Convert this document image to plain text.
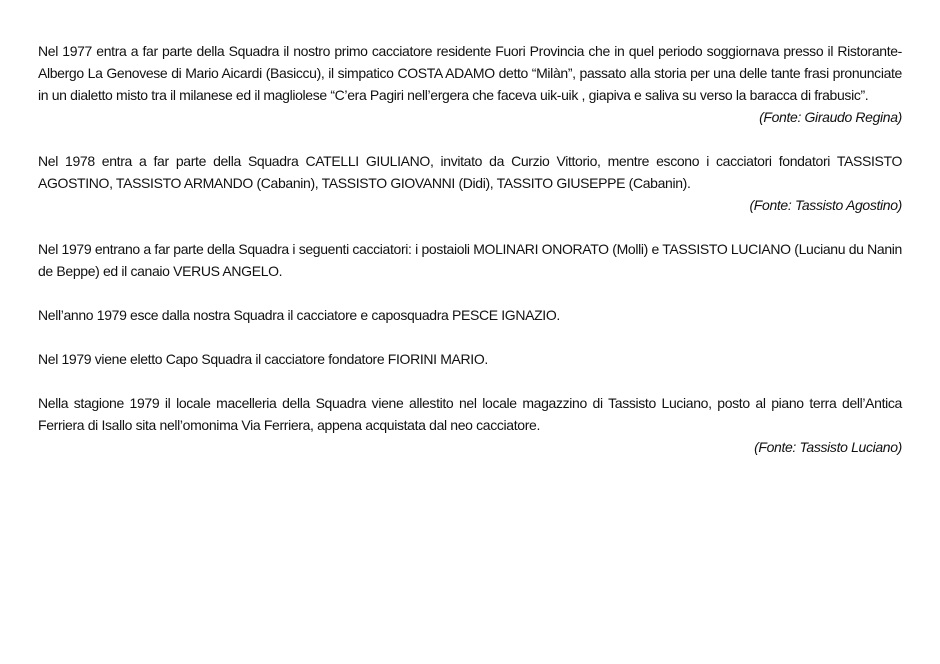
Nel 1977 entra a far parte della Squadra il nostro primo cacciatore residente Fuori Provincia che in quel periodo soggiornava presso il Ristorante-Albergo La Genovese di Mario Aicardi (Basiccu), il simpatico COSTA ADAMO detto “Milàn”, passato alla storia per una delle tante frasi pronunciate in un dialetto misto tra il milanese ed il magliolese “C’era Pagiri nell’ergera che faceva uik-uik , giapiva e saliva su verso la baracca di frabusic”.

(Fonte: Giraudo Regina)

Nel 1978 entra a far parte della Squadra CATELLI GIULIANO, invitato da Curzio Vittorio, mentre escono i cacciatori fondatori TASSISTO AGOSTINO, TASSISTO ARMANDO (Cabanin), TASSISTO GIOVANNI (Didi), TASSITO GIUSEPPE (Cabanin).

(Fonte: Tassisto Agostino)

Nel 1979 entrano a far parte della Squadra i seguenti cacciatori: i postaioli MOLINARI ONORATO (Molli) e TASSISTO LUCIANO (Lucianu du Nanin de Beppe) ed il canaio VERUS ANGELO.

Nell’anno 1979 esce dalla nostra Squadra il cacciatore e caposquadra PESCE IGNAZIO.

Nel 1979 viene eletto Capo Squadra il cacciatore fondatore FIORINI MARIO.

Nella stagione 1979 il locale macelleria della Squadra viene allestito nel locale magazzino di Tassisto Luciano, posto al piano terra dell’Antica Ferriera di Isallo sita nell’omonima Via Ferriera, appena acquistata dal neo cacciatore.

(Fonte: Tassisto Luciano)
